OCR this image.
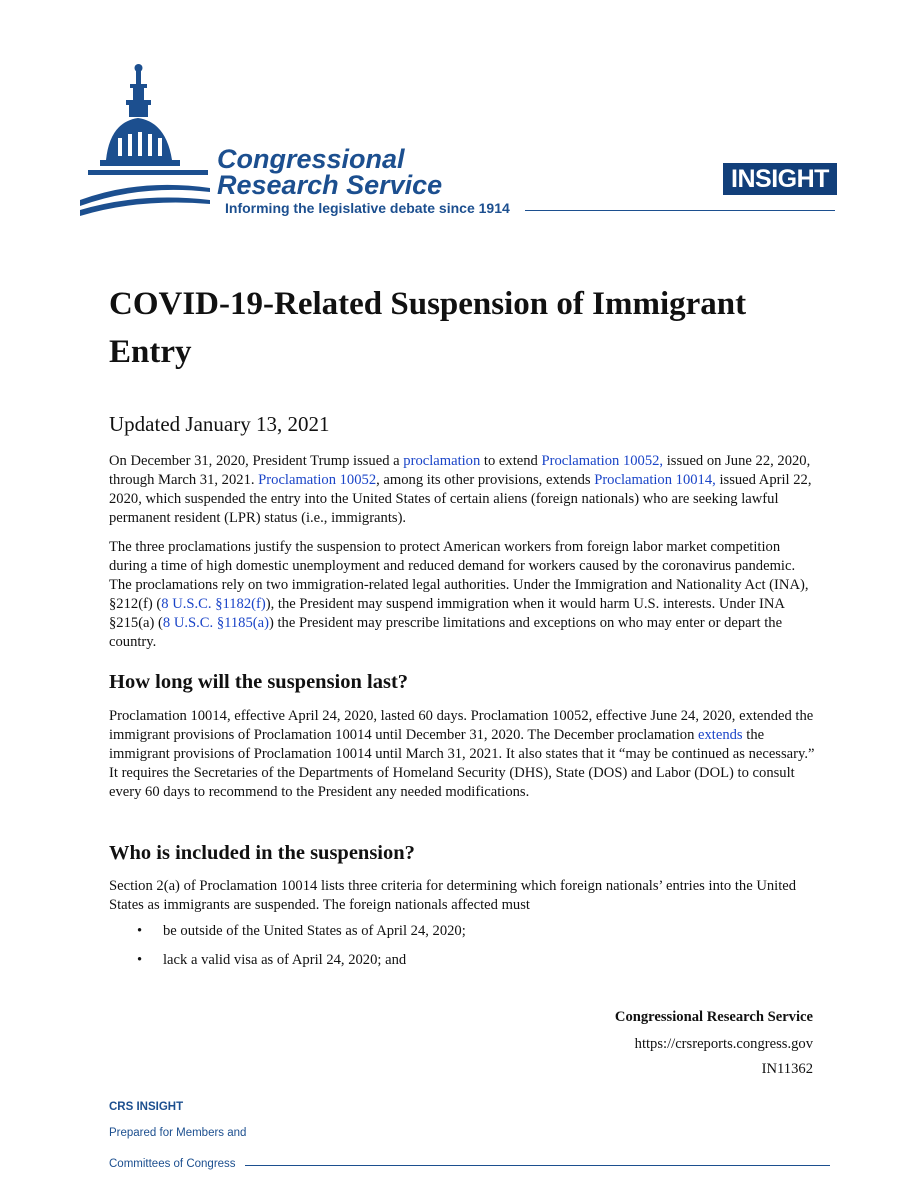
Congressional
Research Service
Informing the legislative debate since 1914
INSIGHT
COVID-19-Related Suspension of Immigrant Entry
Updated January 13, 2021

On December 31, 2020, President Trump issued a proclamation to extend Proclamation 10052, issued on June 22, 2020, through March 31, 2021. Proclamation 10052, among its other provisions, extends Proclamation 10014, issued April 22, 2020, which suspended the entry into the United States of certain aliens (foreign nationals) who are seeking lawful permanent resident (LPR) status (i.e., immigrants).

The three proclamations justify the suspension to protect American workers from foreign labor market competition during a time of high domestic unemployment and reduced demand for workers caused by the coronavirus pandemic. The proclamations rely on two immigration-related legal authorities. Under the Immigration and Nationality Act (INA), §212(f) (8 U.S.C. §1182(f)), the President may suspend immigration when it would harm U.S. interests. Under INA §215(a) (8 U.S.C. §1185(a)) the President may prescribe limitations and exceptions on who may enter or depart the country.

How long will the suspension last?

Proclamation 10014, effective April 24, 2020, lasted 60 days. Proclamation 10052, effective June 24, 2020, extended the immigrant provisions of Proclamation 10014 until December 31, 2020. The December proclamation extends the immigrant provisions of Proclamation 10014 until March 31, 2021. It also states that it “may be continued as necessary.” It requires the Secretaries of the Departments of Homeland Security (DHS), State (DOS) and Labor (DOL) to consult every 60 days to recommend to the President any needed modifications.

Who is included in the suspension?

Section 2(a) of Proclamation 10014 lists three criteria for determining which foreign nationals’ entries into the United States as immigrants are suspended. The foreign nationals affected must

• be outside of the United States as of April 24, 2020;
• lack a valid visa as of April 24, 2020; and
Congressional Research Service
https://crsreports.congress.gov
IN11362
CRS INSIGHT
Prepared for Members and
Committees of Congress
